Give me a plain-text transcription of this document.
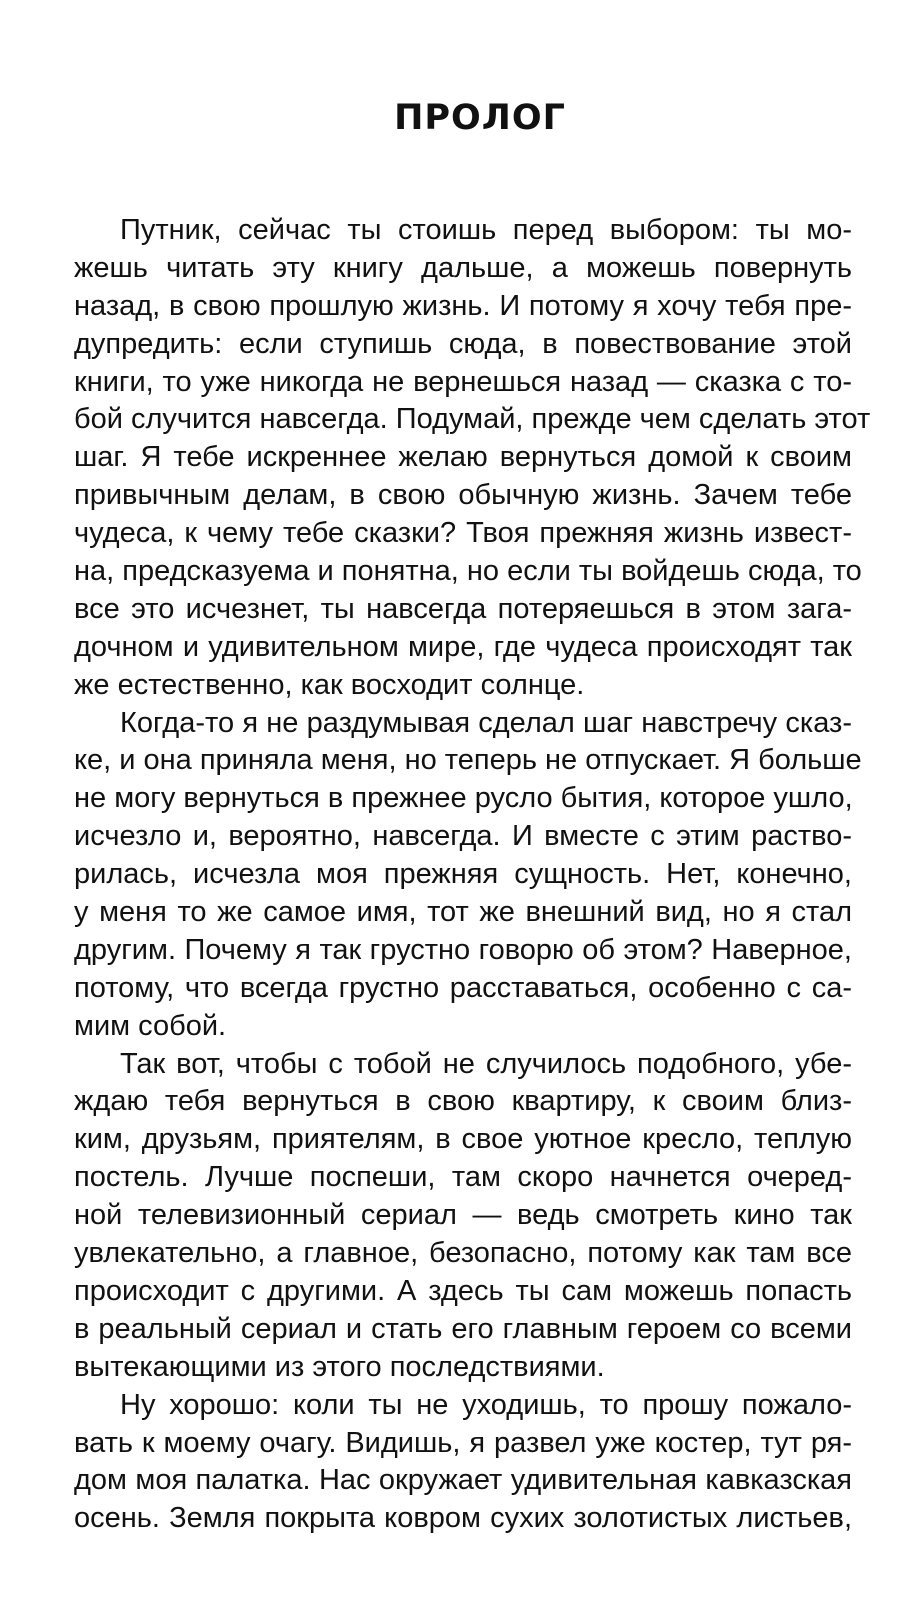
ПРОЛОГ
Путник, сейчас ты стоишь перед выбором: ты мо-
жешь читать эту книгу дальше, а можешь повернуть
назад, в свою прошлую жизнь. И потому я хочу тебя пре-
дупредить: если ступишь сюда, в повествование этой
книги, то уже никогда не вернешься назад — сказка с то-
бой случится навсегда. Подумай, прежде чем сделать этот
шаг. Я тебе искреннее желаю вернуться домой к своим
привычным делам, в свою обычную жизнь. Зачем тебе
чудеса, к чему тебе сказки? Твоя прежняя жизнь извест-
на, предсказуема и понятна, но если ты войдешь сюда, то
все это исчезнет, ты навсегда потеряешься в этом зага-
дочном и удивительном мире, где чудеса происходят так
же естественно, как восходит солнце.
Когда-то я не раздумывая сделал шаг навстречу сказ-
ке, и она приняла меня, но теперь не отпускает. Я больше
не могу вернуться в прежнее русло бытия, которое ушло,
исчезло и, вероятно, навсегда. И вместе с этим раство-
рилась, исчезла моя прежняя сущность. Нет, конечно,
у меня то же самое имя, тот же внешний вид, но я стал
другим. Почему я так грустно говорю об этом? Наверное,
потому, что всегда грустно расставаться, особенно с са-
мим собой.
Так вот, чтобы с тобой не случилось подобного, убе-
ждаю тебя вернуться в свою квартиру, к своим близ-
ким, друзьям, приятелям, в свое уютное кресло, теплую
постель. Лучше поспеши, там скоро начнется очеред-
ной телевизионный сериал — ведь смотреть кино так
увлекательно, а главное, безопасно, потому как там все
происходит с другими. А здесь ты сам можешь попасть
в реальный сериал и стать его главным героем со всеми
вытекающими из этого последствиями.
Ну хорошо: коли ты не уходишь, то прошу пожало-
вать к моему очагу. Видишь, я развел уже костер, тут ря-
дом моя палатка. Нас окружает удивительная кавказская
осень. Земля покрыта ковром сухих золотистых листьев,
